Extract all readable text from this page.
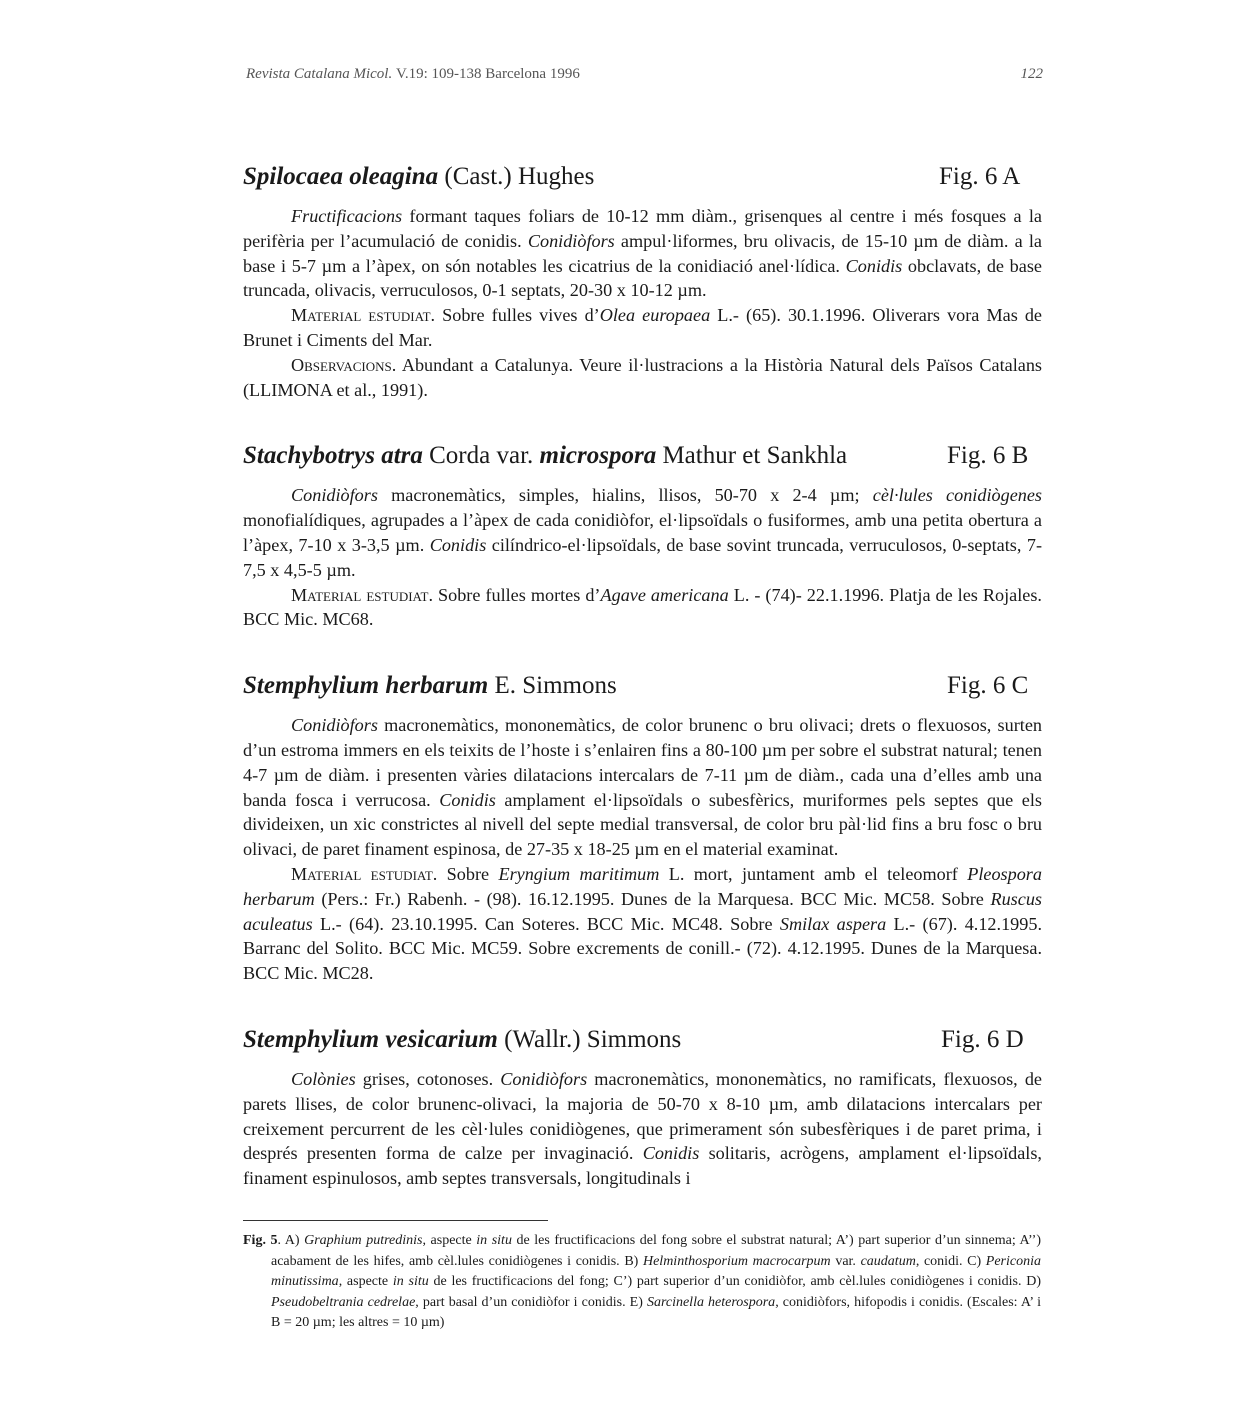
Revista Catalana Micol. V.19: 109-138 Barcelona 1996	122
Spilocaea oleagina (Cast.) Hughes	Fig. 6 A

Fructificacions formant taques foliars de 10-12 mm diàm., grisenques al centre i més fosques a la perifèria per l’acumulació de conidis. Conidiòfors ampul·liformes, bru olivacis, de 15-10 µm de diàm. a la base i 5-7 µm a l’àpex, on són notables les cicatrius de la conidiació anel·lídica. Conidis obclavats, de base truncada, olivacis, verruculosos, 0-1 septats, 20-30 x 10-12 µm.

Material estudiat. Sobre fulles vives d’Olea europaea L.- (65). 30.1.1996. Oliverars vora Mas de Brunet i Ciments del Mar.

Observacions. Abundant a Catalunya. Veure il·lustracions a la Història Natural dels Països Catalans (LLIMONA et al., 1991).

Stachybotrys atra Corda var. microspora Mathur et Sankhla	Fig. 6 B

Conidiòfors macronemàtics, simples, hialins, llisos, 50-70 x 2-4 µm; cèl·lules conidiògenes monofialídiques, agrupades a l’àpex de cada conidiòfor, el·lipsoïdals o fusiformes, amb una petita obertura a l’àpex, 7-10 x 3-3,5 µm. Conidis cilíndrico-el·lipsoïdals, de base sovint truncada, verruculosos, 0-septats, 7-7,5 x 4,5-5 µm.

Material estudiat. Sobre fulles mortes d’Agave americana L. - (74)- 22.1.1996. Platja de les Rojales. BCC Mic. MC68.

Stemphylium herbarum E. Simmons	Fig. 6 C

Conidiòfors macronemàtics, mononemàtics, de color brunenc o bru olivaci; drets o flexuosos, surten d’un estroma immers en els teixits de l’hoste i s’enlairen fins a 80-100 µm per sobre el substrat natural; tenen 4-7 µm de diàm. i presenten vàries dilatacions intercalars de 7-11 µm de diàm., cada una d’elles amb una banda fosca i verrucosa. Conidis amplament el·lipsoïdals o subesfèrics, muriformes pels septes que els divideixen, un xic constrictes al nivell del septe medial transversal, de color bru pàl·lid fins a bru fosc o bru olivaci, de paret finament espinosa, de 27-35 x 18-25 µm en el material examinat.

Material estudiat. Sobre Eryngium maritimum L. mort, juntament amb el teleomorf Pleospora herbarum (Pers.: Fr.) Rabenh. - (98). 16.12.1995. Dunes de la Marquesa. BCC Mic. MC58. Sobre Ruscus aculeatus L.- (64). 23.10.1995. Can Soteres. BCC Mic. MC48. Sobre Smilax aspera L.- (67). 4.12.1995. Barranc del Solito. BCC Mic. MC59. Sobre excrements de conill.- (72). 4.12.1995. Dunes de la Marquesa. BCC Mic. MC28.

Stemphylium vesicarium (Wallr.) Simmons	Fig. 6 D

Colònies grises, cotonoses. Conidiòfors macronemàtics, mononemàtics, no ramificats, flexuosos, de parets llises, de color brunenc-olivaci, la majoria de 50-70 x 8-10 µm, amb dilatacions intercalars per creixement percurrent de les cèl·lules conidiògenes, que primerament són subesfèriques i de paret prima, i després presenten forma de calze per invaginació. Conidis solitaris, acrògens, amplament el·lipsoïdals, finament espinulosos, amb septes transversals, longitudinals i

Fig. 5. A) Graphium putredinis, aspecte in situ de les fructificacions del fong sobre el substrat natural; A’) part superior d’un sinnema; A’’) acabament de les hifes, amb cèl.lules conidiògenes i conidis. B) Helminthosporium macrocarpum var. caudatum, conidi. C) Periconia minutissima, aspecte in situ de les fructificacions del fong; C’) part superior d’un conidiòfor, amb cèl.lules conidiògenes i conidis. D) Pseudobeltrania cedrelae, part basal d’un conidiòfor i conidis. E) Sarcinella heterospora, conidiòfors, hifopodis i conidis. (Escales: A’ i B = 20 µm; les altres = 10 µm)
